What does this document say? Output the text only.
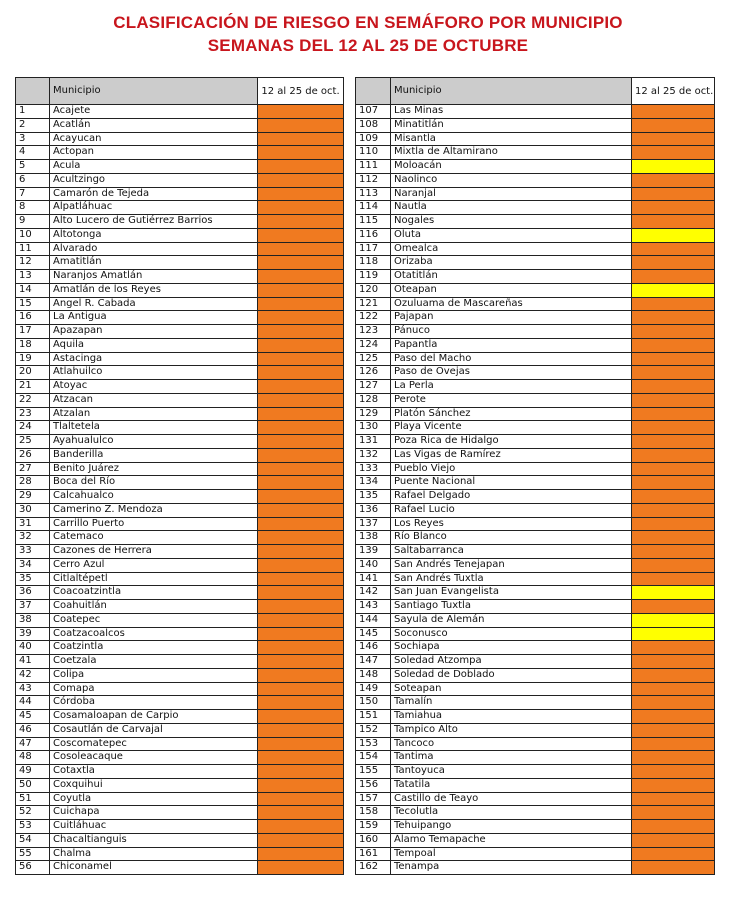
CLASIFICACIÓN DE RIESGO EN SEMÁFORO POR MUNICIPIO
SEMANAS DEL 12 AL 25 DE OCTUBRE
	Municipio	12 al 25 de oct.
1	Acajete	
2	Acatlán	
3	Acayucan	
4	Actopan	
5	Acula	
6	Acultzingo	
7	Camarón de Tejeda	
8	Alpatláhuac	
9	Alto Lucero de Gutiérrez Barrios	
10	Altotonga	
11	Alvarado	
12	Amatitlán	
13	Naranjos Amatlán	
14	Amatlán de los Reyes	
15	Angel R. Cabada	
16	La Antigua	
17	Apazapan	
18	Aquila	
19	Astacinga	
20	Atlahuilco	
21	Atoyac	
22	Atzacan	
23	Atzalan	
24	Tlaltetela	
25	Ayahualulco	
26	Banderilla	
27	Benito Juárez	
28	Boca del Río	
29	Calcahualco	
30	Camerino Z. Mendoza	
31	Carrillo Puerto	
32	Catemaco	
33	Cazones de Herrera	
34	Cerro Azul	
35	Citlaltépetl	
36	Coacoatzintla	
37	Coahuitlán	
38	Coatepec	
39	Coatzacoalcos	
40	Coatzintla	
41	Coetzala	
42	Colipa	
43	Comapa	
44	Córdoba	
45	Cosamaloapan de Carpio	
46	Cosautlán de Carvajal	
47	Coscomatepec	
48	Cosoleacaque	
49	Cotaxtla	
50	Coxquihui	
51	Coyutla	
52	Cuichapa	
53	Cuitláhuac	
54	Chacaltianguis	
55	Chalma	
56	Chiconamel	
	Municipio	12 al 25 de oct.
107	Las Minas	
108	Minatitlán	
109	Misantla	
110	Mixtla de Altamirano	
111	Moloacán	
112	Naolinco	
113	Naranjal	
114	Nautla	
115	Nogales	
116	Oluta	
117	Omealca	
118	Orizaba	
119	Otatitlán	
120	Oteapan	
121	Ozuluama de Mascareñas	
122	Pajapan	
123	Pánuco	
124	Papantla	
125	Paso del Macho	
126	Paso de Ovejas	
127	La Perla	
128	Perote	
129	Platón Sánchez	
130	Playa Vicente	
131	Poza Rica de Hidalgo	
132	Las Vigas de Ramírez	
133	Pueblo Viejo	
134	Puente Nacional	
135	Rafael Delgado	
136	Rafael Lucio	
137	Los Reyes	
138	Río Blanco	
139	Saltabarranca	
140	San Andrés Tenejapan	
141	San Andrés Tuxtla	
142	San Juan Evangelista	
143	Santiago Tuxtla	
144	Sayula de Alemán	
145	Soconusco	
146	Sochiapa	
147	Soledad Atzompa	
148	Soledad de Doblado	
149	Soteapan	
150	Tamalín	
151	Tamiahua	
152	Tampico Alto	
153	Tancoco	
154	Tantima	
155	Tantoyuca	
156	Tatatila	
157	Castillo de Teayo	
158	Tecolutla	
159	Tehuipango	
160	Álamo Temapache	
161	Tempoal	
162	Tenampa	
